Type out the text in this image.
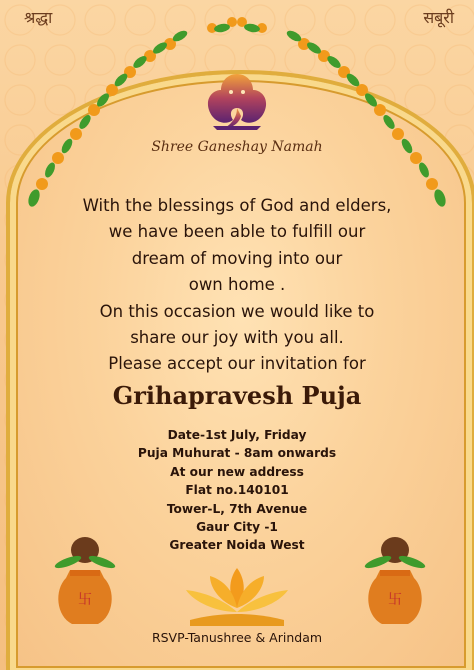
श्रद्धा	सबूरी
Shree Ganeshay Namah
With the blessings of God and elders,
we have been able to fulfill our
dream of moving into our
own home .
On this occasion we would like to
share our joy with you all.
Please accept our invitation for
Grihapravesh Puja
Date-1st July, Friday
Puja Muhurat - 8am onwards
At our new address
Flat no.140101
Tower-L, 7th Avenue
Gaur City -1
Greater Noida West
卐	卐
RSVP-Tanushree & Arindam
